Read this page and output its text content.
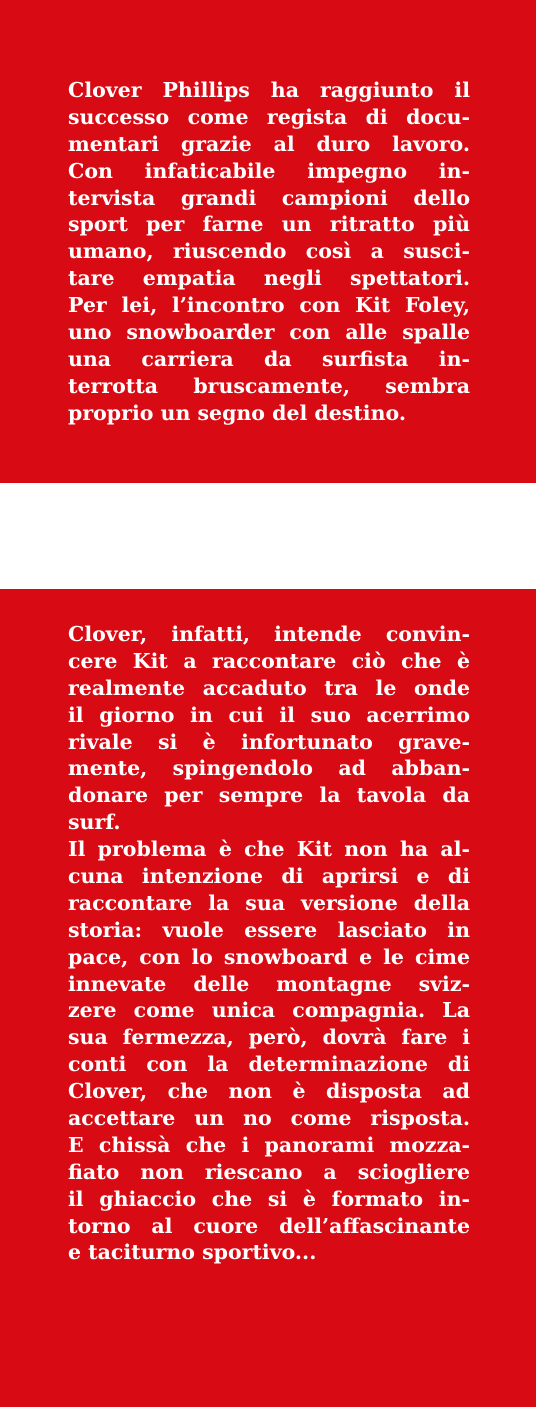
Clover Phillips ha raggiunto il
successo come regista di docu-
mentari grazie al duro lavoro.
Con infaticabile impegno in-
tervista grandi campioni dello
sport per farne un ritratto più
umano, riuscendo così a susci-
tare empatia negli spettatori.
Per lei, l’incontro con Kit Foley,
uno snowboarder con alle spalle
una carriera da surfista in-
terrotta bruscamente, sembra
proprio un segno del destino.
Clover, infatti, intende convin-
cere Kit a raccontare ciò che è
realmente accaduto tra le onde
il giorno in cui il suo acerrimo
rivale si è infortunato grave-
mente, spingendolo ad abban-
donare per sempre la tavola da
surf.
Il problema è che Kit non ha al-
cuna intenzione di aprirsi e di
raccontare la sua versione della
storia: vuole essere lasciato in
pace, con lo snowboard e le cime
innevate delle montagne sviz-
zere come unica compagnia. La
sua fermezza, però, dovrà fare i
conti con la determinazione di
Clover, che non è disposta ad
accettare un no come risposta.
E chissà che i panorami mozza-
fiato non riescano a sciogliere
il ghiaccio che si è formato in-
torno al cuore dell’affascinante
e taciturno sportivo...
